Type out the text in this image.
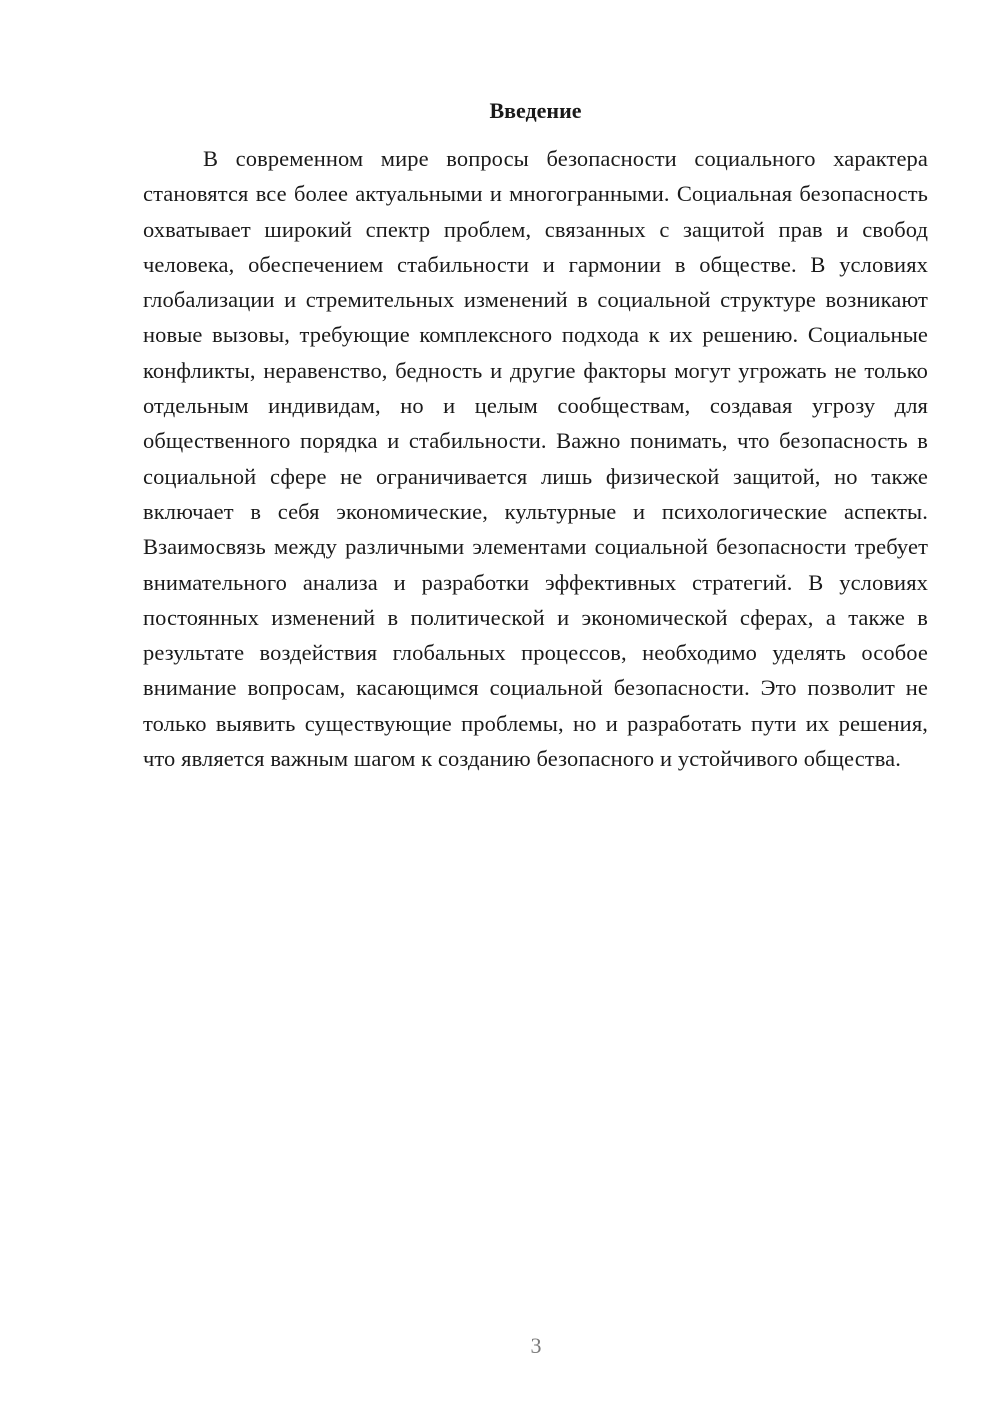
Введение

В современном мире вопросы безопасности социального характера становятся все более актуальными и многогранными. Социальная безопасность охватывает широкий спектр проблем, связанных с защитой прав и свобод человека, обеспечением стабильности и гармонии в обществе. В условиях глобализации и стремительных изменений в социальной структуре возникают новые вызовы, требующие комплексного подхода к их решению. Социальные конфликты, неравенство, бедность и другие факторы могут угрожать не только отдельным индивидам, но и целым сообществам, создавая угрозу для общественного порядка и стабильности. Важно понимать, что безопасность в социальной сфере не ограничивается лишь физической защитой, но также включает в себя экономические, культурные и психологические аспекты. Взаимосвязь между различными элементами социальной безопасности требует внимательного анализа и разработки эффективных стратегий. В условиях постоянных изменений в политической и экономической сферах, а также в результате воздействия глобальных процессов, необходимо уделять особое внимание вопросам, касающимся социальной безопасности. Это позволит не только выявить существующие проблемы, но и разработать пути их решения, что является важным шагом к созданию безопасного и устойчивого общества.

3
